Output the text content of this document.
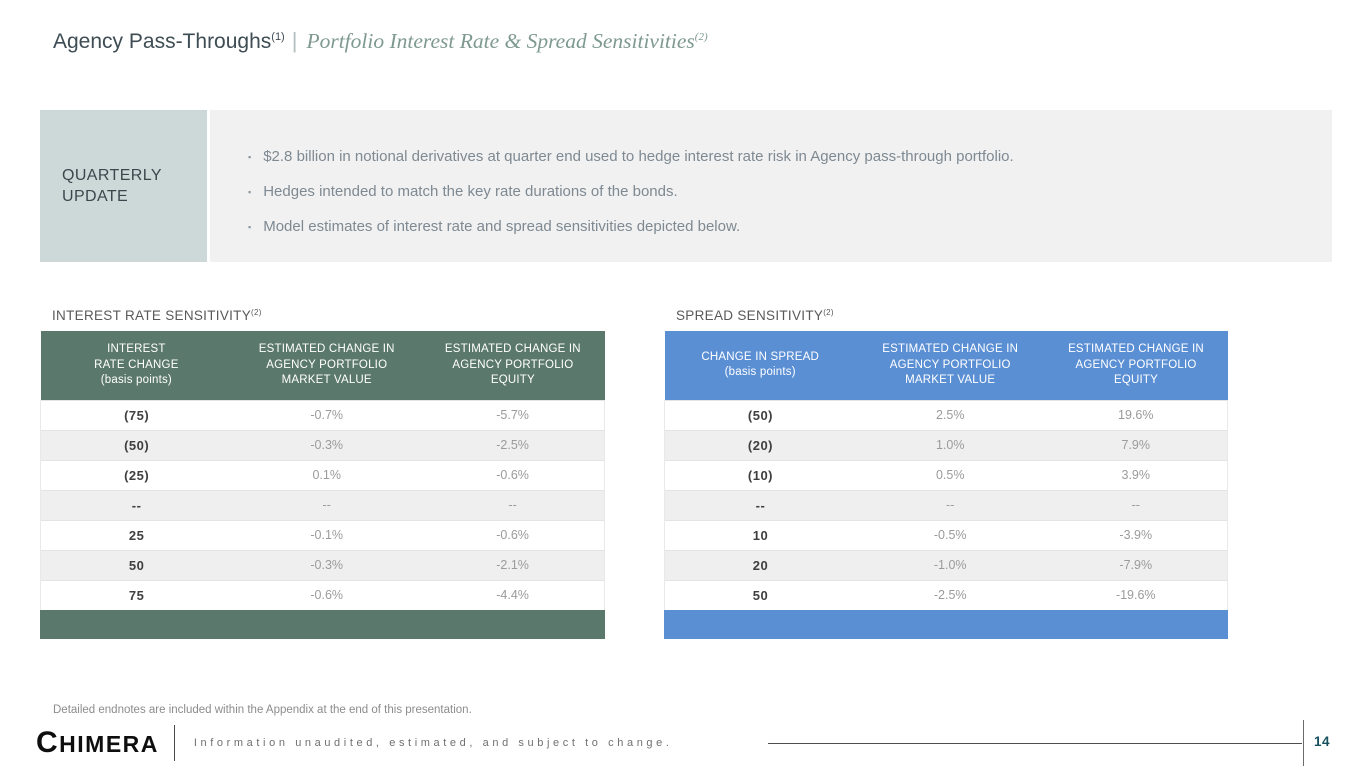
Agency Pass-Throughs$^{(1)}$ | Portfolio Interest Rate & Spread Sensitivities$^{(2)}$
QUARTERLY
UPDATE
▪ $2.8 billion in notional derivatives at quarter end used to hedge interest rate risk in Agency pass-through portfolio.
▪ Hedges intended to match the key rate durations of the bonds.
▪ Model estimates of interest rate and spread sensitivities depicted below.
INTEREST RATE SENSITIVITY$^{(2)}$
INTEREST
RATE CHANGE
(basis points)

ESTIMATED CHANGE IN
AGENCY PORTFOLIO
MARKET VALUE

ESTIMATED CHANGE IN
AGENCY PORTFOLIO
EQUITY

(75)	-0.7%	-5.7%
(50)	-0.3%	-2.5%
(25)	0.1%	-0.6%
--	--	--
25	-0.1%	-0.6%
50	-0.3%	-2.1%
75	-0.6%	-4.4%
SPREAD SENSITIVITY$^{(2)}$
CHANGE IN SPREAD
(basis points)

ESTIMATED CHANGE IN
AGENCY PORTFOLIO
MARKET VALUE

ESTIMATED CHANGE IN
AGENCY PORTFOLIO
EQUITY

(50)	2.5%	19.6%
(20)	1.0%	7.9%
(10)	0.5%	3.9%
--	--	--
10	-0.5%	-3.9%
20	-1.0%	-7.9%
50	-2.5%	-19.6%
Detailed endnotes are included within the Appendix at the end of this presentation.
CHIMERA	Information unaudited, estimated, and subject to change.	14
